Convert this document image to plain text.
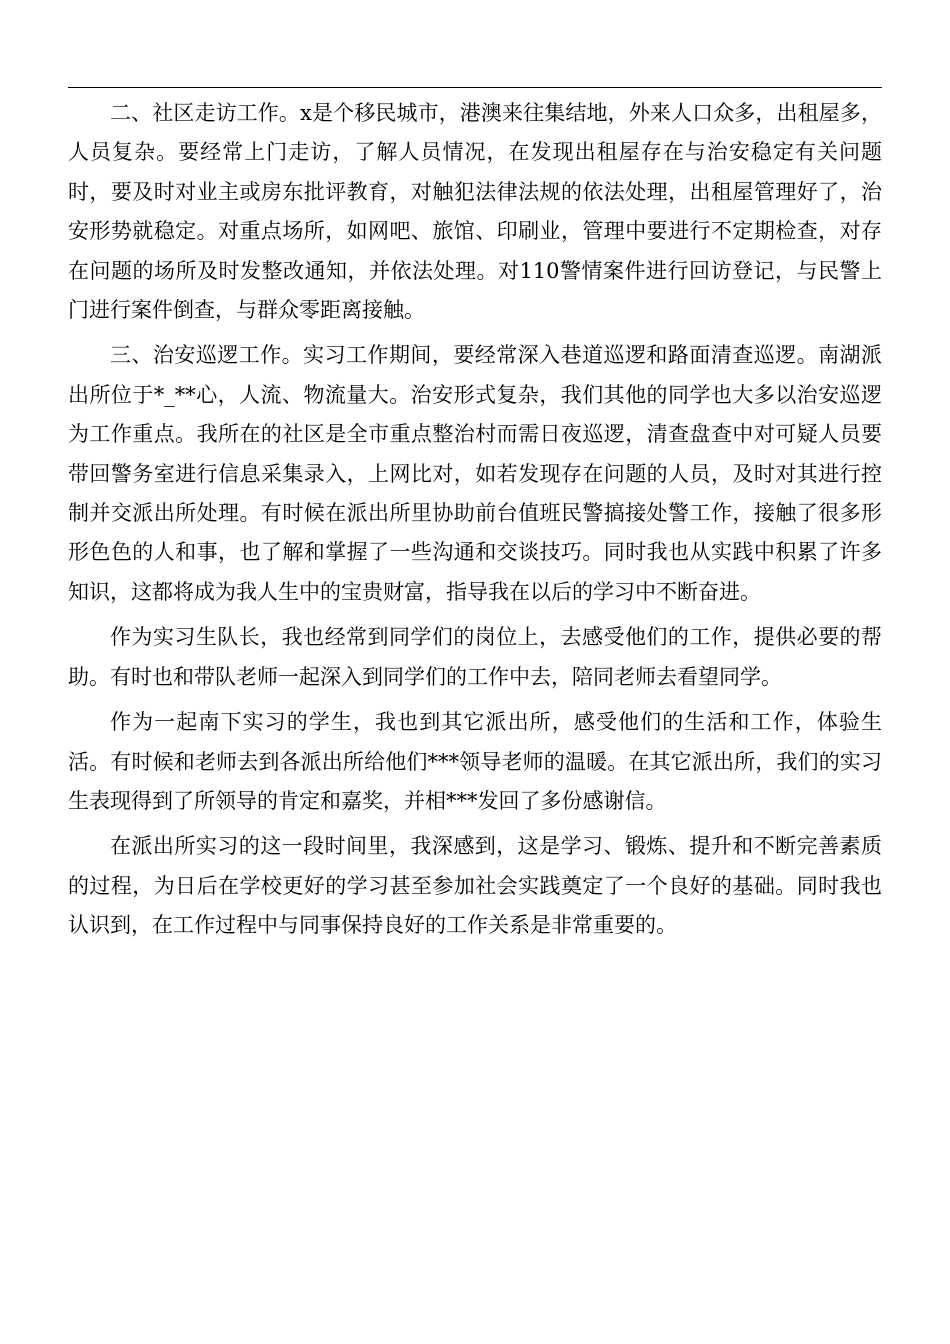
二、社区走访工作。x是个移民城市，港澳来往集结地，外来人口众多，出租屋多，人员复杂。要经常上门走访，了解人员情况，在发现出租屋存在与治安稳定有关问题时，要及时对业主或房东批评教育，对触犯法律法规的依法处理，出租屋管理好了，治安形势就稳定。对重点场所，如网吧、旅馆、印刷业，管理中要进行不定期检查，对存在问题的场所及时发整改通知，并依法处理。对110警情案件进行回访登记，与民警上门进行案件倒查，与群众零距离接触。

三、治安巡逻工作。实习工作期间，要经常深入巷道巡逻和路面清查巡逻。南湖派出所位于*_**心，人流、物流量大。治安形式复杂，我们其他的同学也大多以治安巡逻为工作重点。我所在的社区是全市重点整治村而需日夜巡逻，清查盘查中对可疑人员要带回警务室进行信息采集录入，上网比对，如若发现存在问题的人员，及时对其进行控制并交派出所处理。有时候在派出所里协助前台值班民警搞接处警工作，接触了很多形形色色的人和事，也了解和掌握了一些沟通和交谈技巧。同时我也从实践中积累了许多知识，这都将成为我人生中的宝贵财富，指导我在以后的学习中不断奋进。

作为实习生队长，我也经常到同学们的岗位上，去感受他们的工作，提供必要的帮助。有时也和带队老师一起深入到同学们的工作中去，陪同老师去看望同学。

作为一起南下实习的学生，我也到其它派出所，感受他们的生活和工作，体验生活。有时候和老师去到各派出所给他们***领导老师的温暖。在其它派出所，我们的实习生表现得到了所领导的肯定和嘉奖，并相***发回了多份感谢信。

在派出所实习的这一段时间里，我深感到，这是学习、锻炼、提升和不断完善素质的过程，为日后在学校更好的学习甚至参加社会实践奠定了一个良好的基础。同时我也认识到，在工作过程中与同事保持良好的工作关系是非常重要的。
